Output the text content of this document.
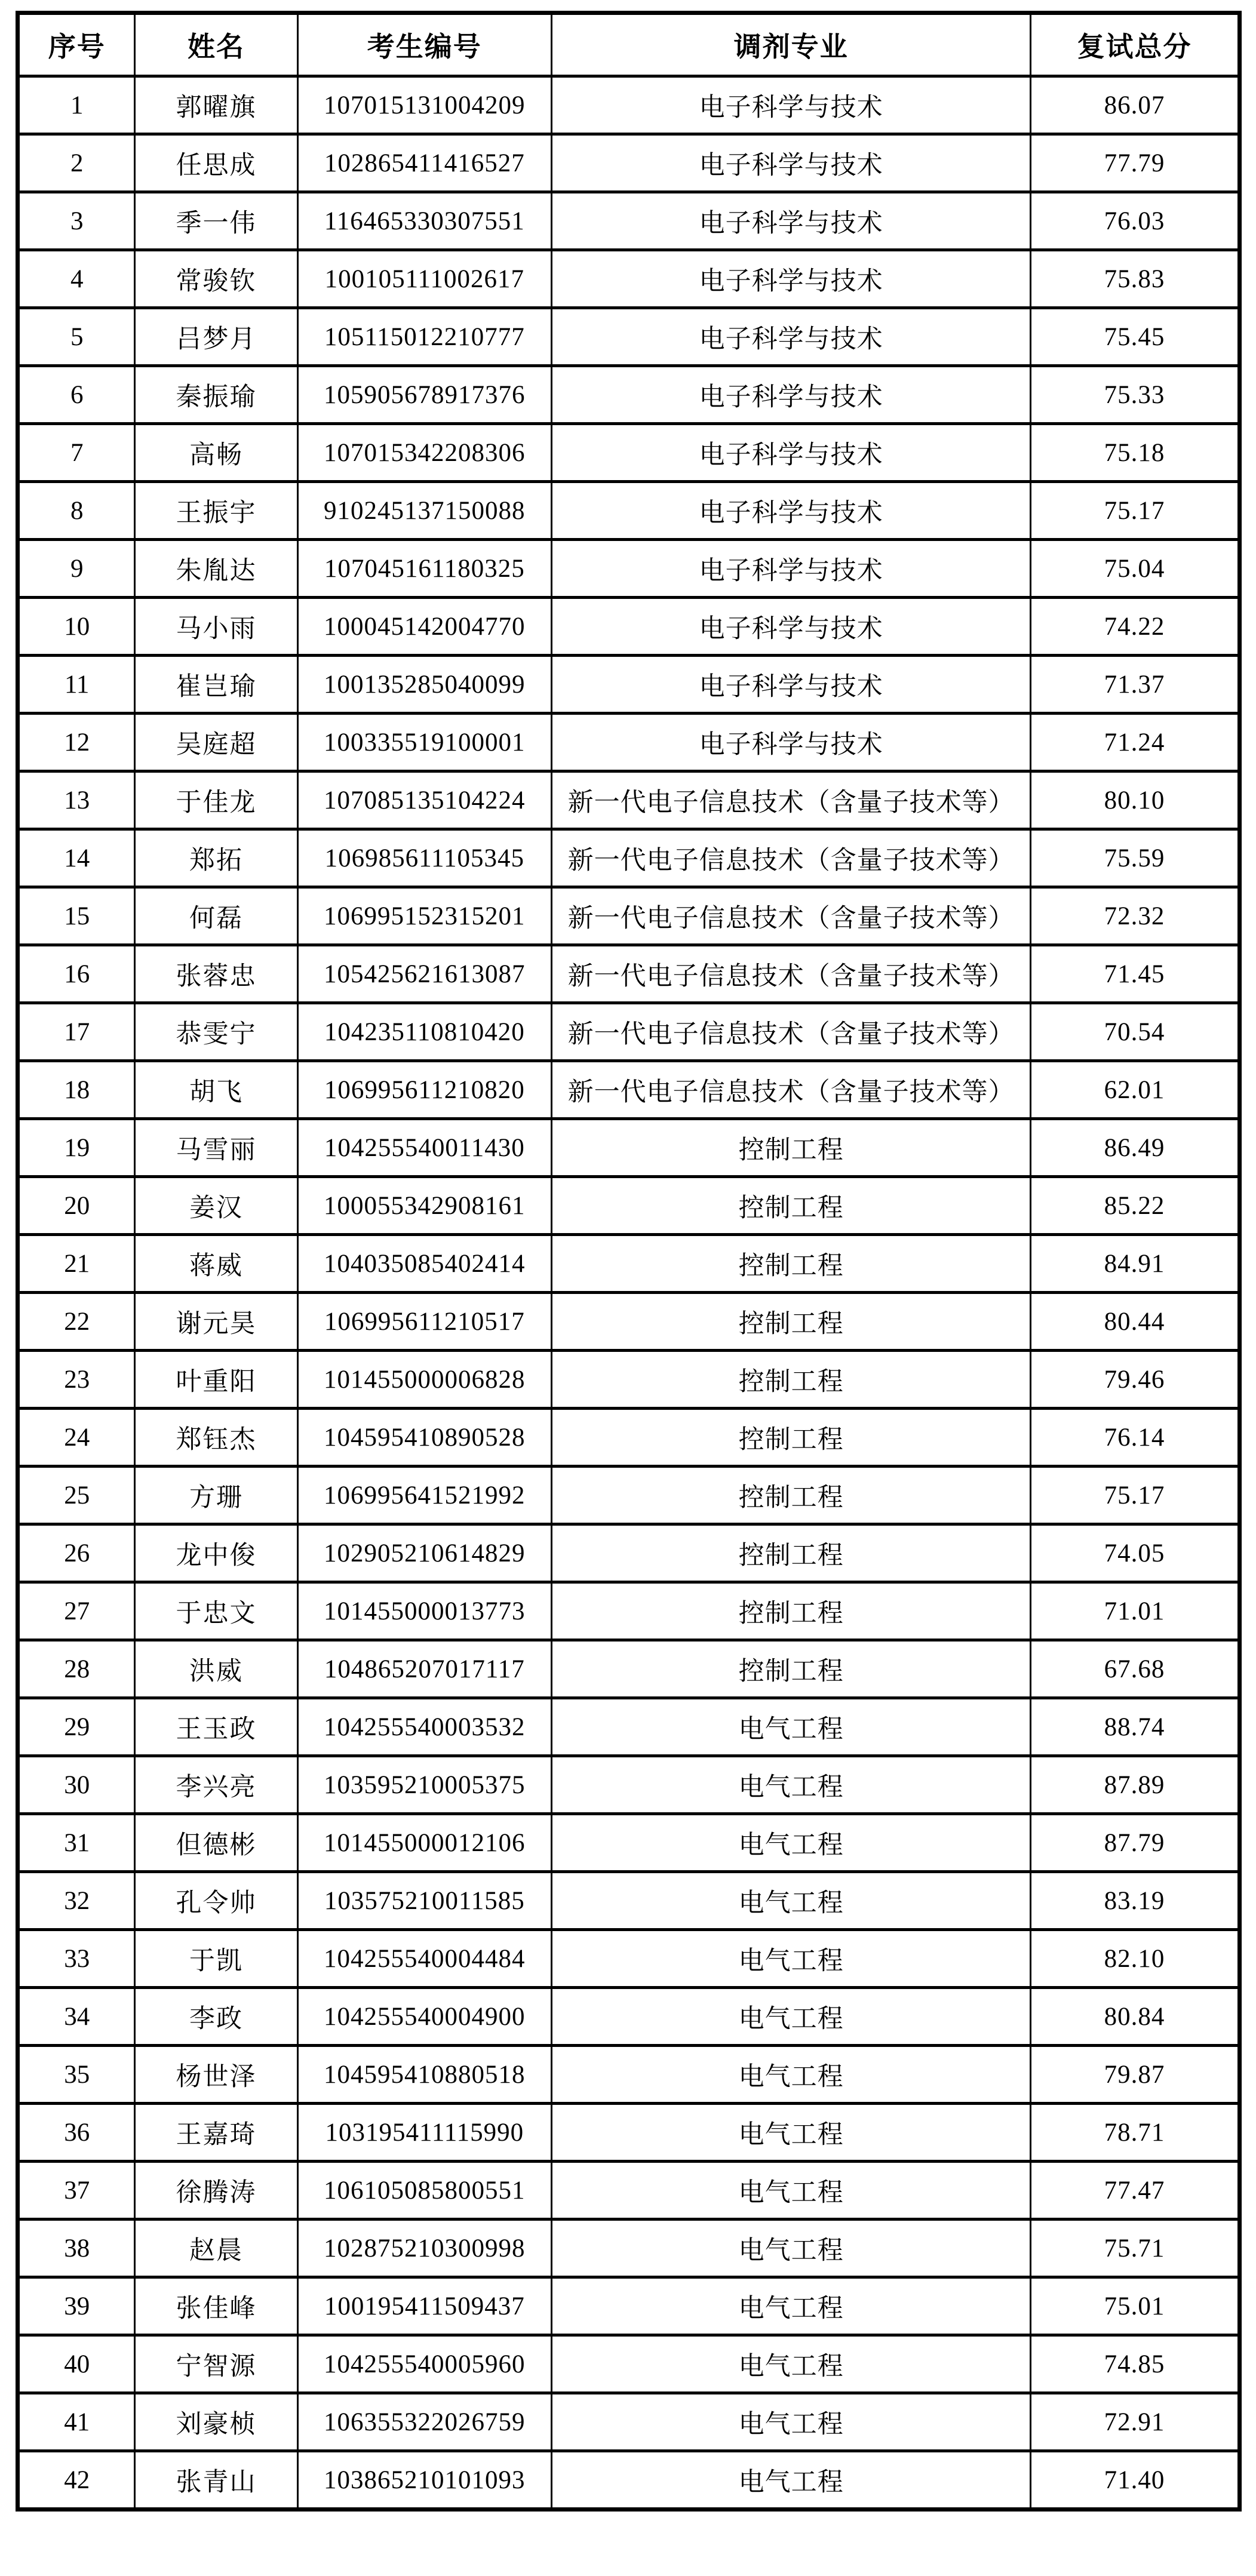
序号	姓名	考生编号	调剂专业	复试总分
1	郭曜旗	107015131004209	电子科学与技术	86.07
2	任思成	102865411416527	电子科学与技术	77.79
3	季一伟	116465330307551	电子科学与技术	76.03
4	常骏钦	100105111002617	电子科学与技术	75.83
5	吕梦月	105115012210777	电子科学与技术	75.45
6	秦振瑜	105905678917376	电子科学与技术	75.33
7	高畅	107015342208306	电子科学与技术	75.18
8	王振宇	910245137150088	电子科学与技术	75.17
9	朱胤达	107045161180325	电子科学与技术	75.04
10	马小雨	100045142004770	电子科学与技术	74.22
11	崔岂瑜	100135285040099	电子科学与技术	71.37
12	吴庭超	100335519100001	电子科学与技术	71.24
13	于佳龙	107085135104224	新一代电子信息技术（含量子技术等）	80.10
14	郑拓	106985611105345	新一代电子信息技术（含量子技术等）	75.59
15	何磊	106995152315201	新一代电子信息技术（含量子技术等）	72.32
16	张蓉忠	105425621613087	新一代电子信息技术（含量子技术等）	71.45
17	恭雯宁	104235110810420	新一代电子信息技术（含量子技术等）	70.54
18	胡飞	106995611210820	新一代电子信息技术（含量子技术等）	62.01
19	马雪丽	104255540011430	控制工程	86.49
20	姜汉	100055342908161	控制工程	85.22
21	蒋威	104035085402414	控制工程	84.91
22	谢元昊	106995611210517	控制工程	80.44
23	叶重阳	101455000006828	控制工程	79.46
24	郑钰杰	104595410890528	控制工程	76.14
25	方珊	106995641521992	控制工程	75.17
26	龙中俊	102905210614829	控制工程	74.05
27	于忠文	101455000013773	控制工程	71.01
28	洪威	104865207017117	控制工程	67.68
29	王玉政	104255540003532	电气工程	88.74
30	李兴亮	103595210005375	电气工程	87.89
31	但德彬	101455000012106	电气工程	87.79
32	孔令帅	103575210011585	电气工程	83.19
33	于凯	104255540004484	电气工程	82.10
34	李政	104255540004900	电气工程	80.84
35	杨世泽	104595410880518	电气工程	79.87
36	王嘉琦	103195411115990	电气工程	78.71
37	徐腾涛	106105085800551	电气工程	77.47
38	赵晨	102875210300998	电气工程	75.71
39	张佳峰	100195411509437	电气工程	75.01
40	宁智源	104255540005960	电气工程	74.85
41	刘豪桢	106355322026759	电气工程	72.91
42	张青山	103865210101093	电气工程	71.40
